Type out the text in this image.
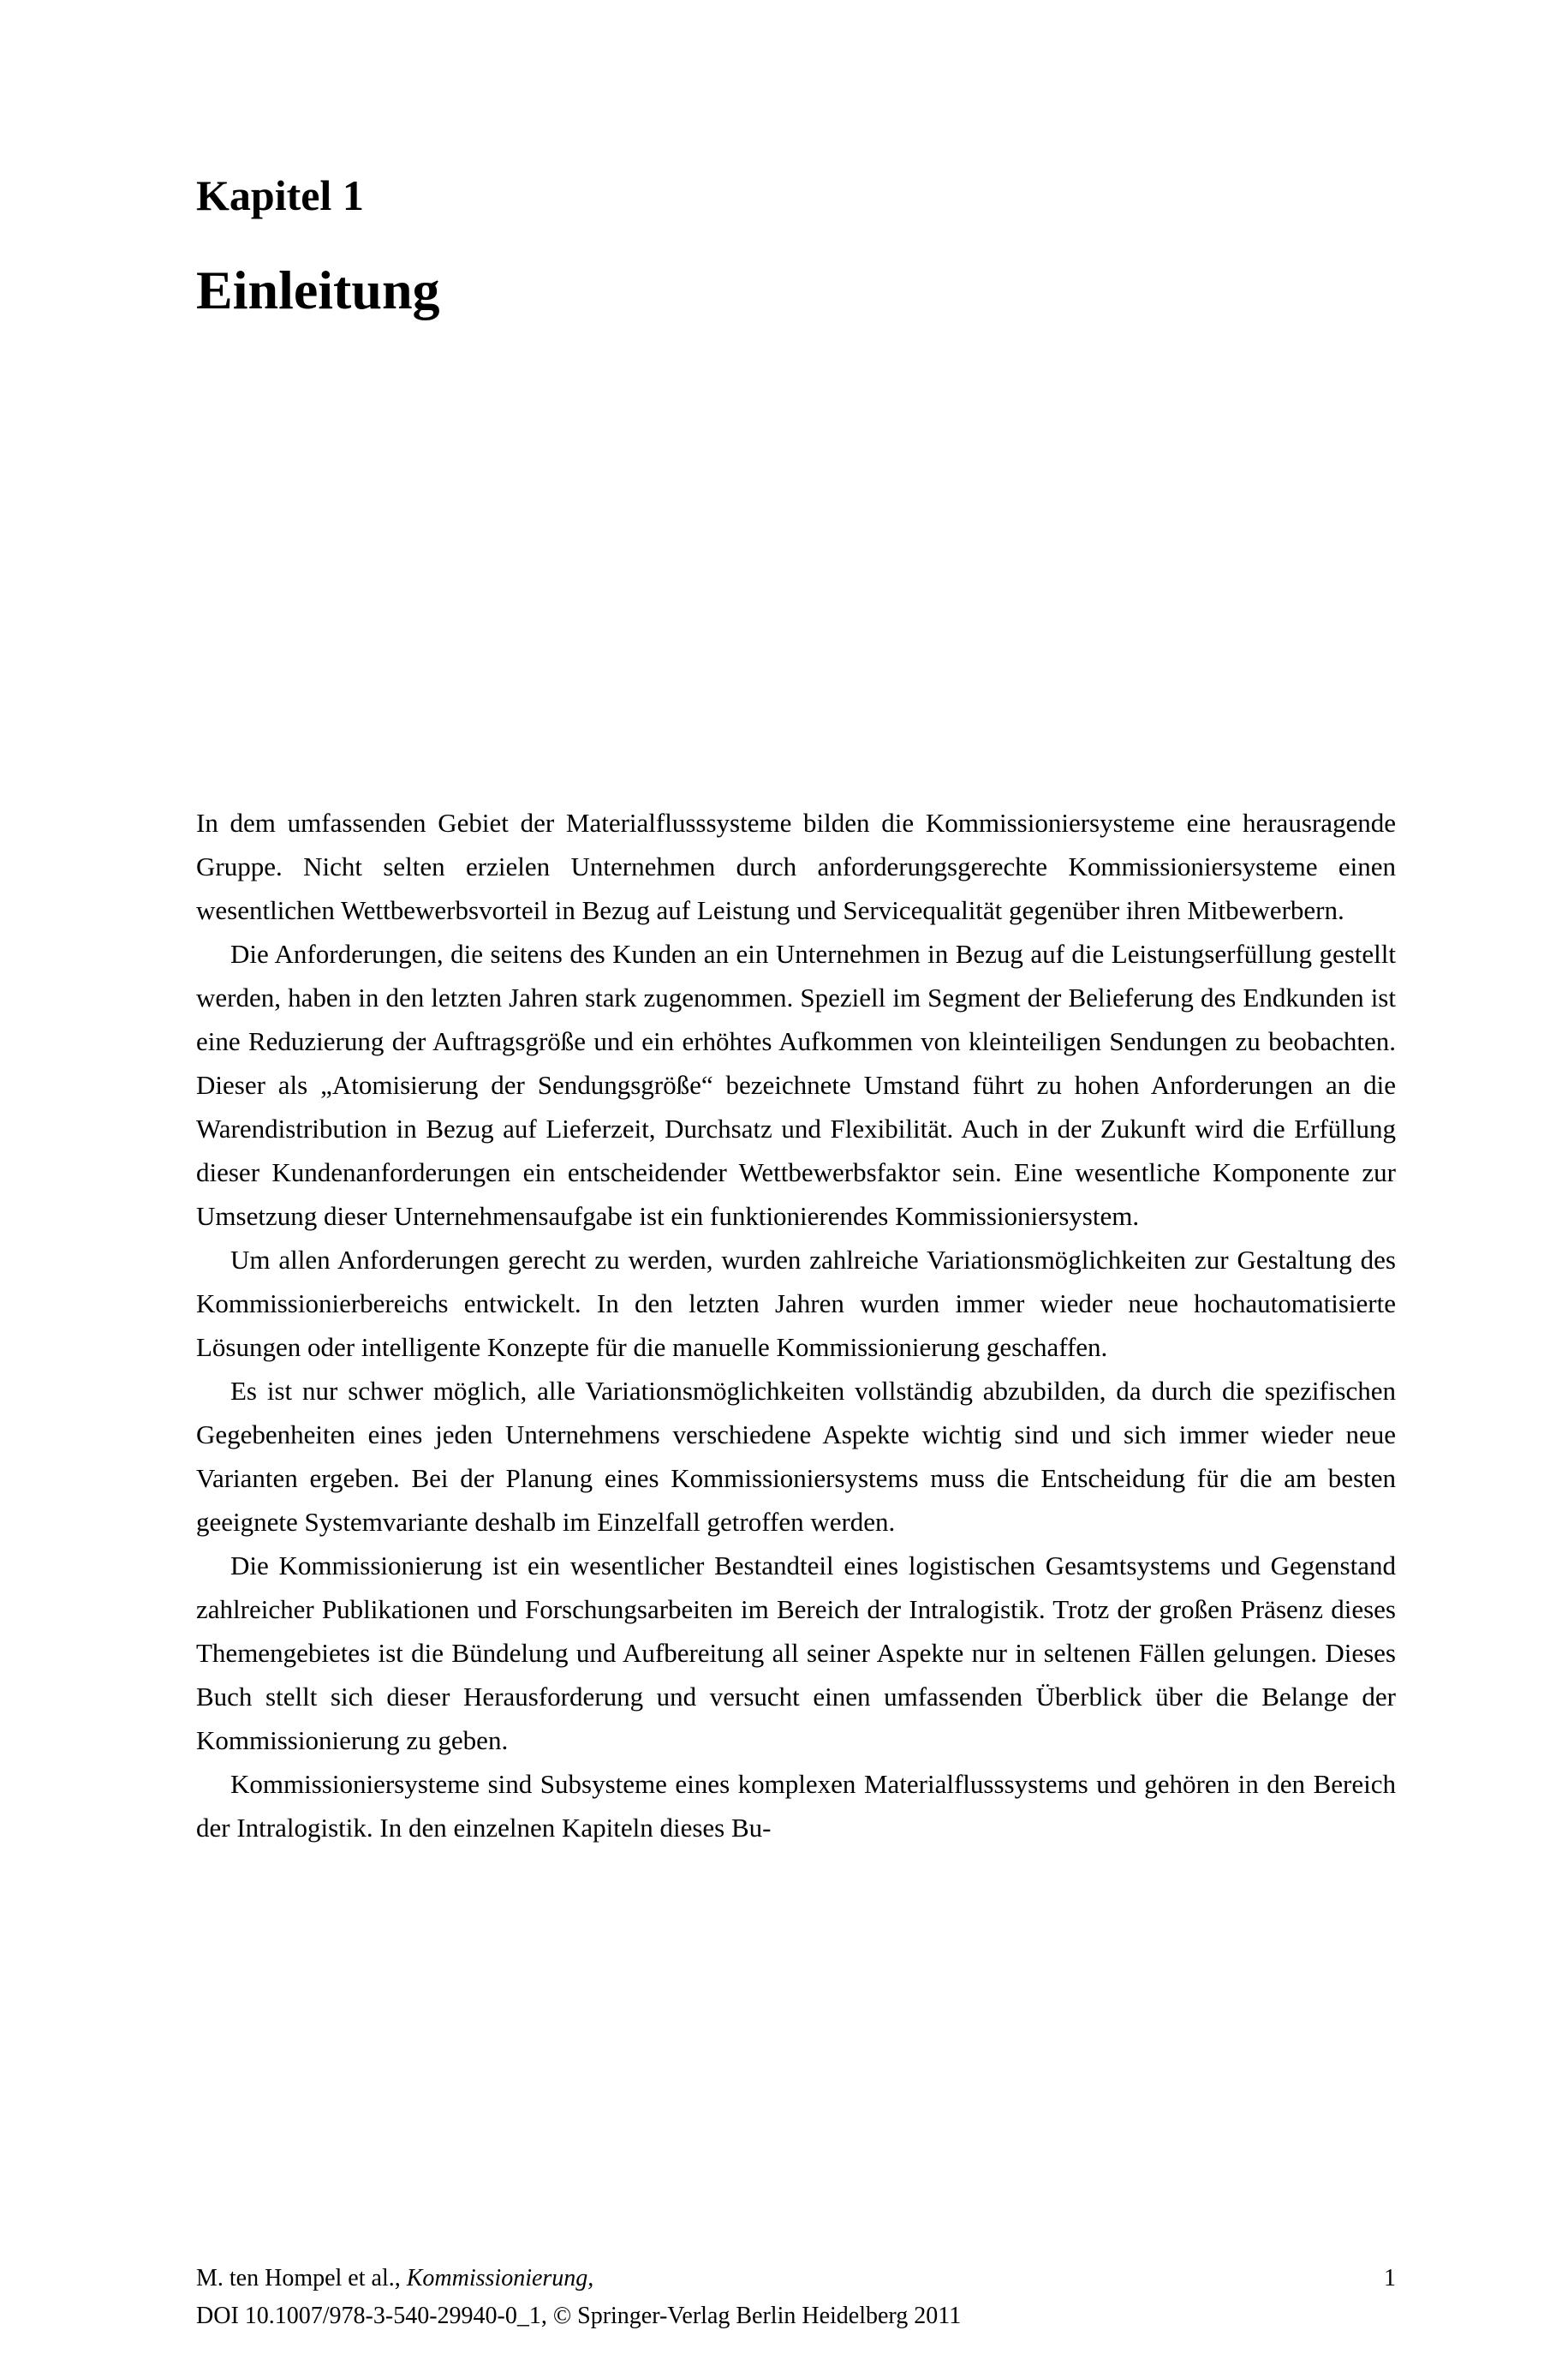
Kapitel 1
Einleitung

In dem umfassenden Gebiet der Materialflusssysteme bilden die Kommissioniersysteme eine herausragende Gruppe. Nicht selten erzielen Unternehmen durch anforderungsgerechte Kommissioniersysteme einen wesentlichen Wettbewerbsvorteil in Bezug auf Leistung und Servicequalität gegenüber ihren Mitbewerbern.

Die Anforderungen, die seitens des Kunden an ein Unternehmen in Bezug auf die Leistungserfüllung gestellt werden, haben in den letzten Jahren stark zugenommen. Speziell im Segment der Belieferung des Endkunden ist eine Reduzierung der Auftragsgröße und ein erhöhtes Aufkommen von kleinteiligen Sendungen zu beobachten. Dieser als „Atomisierung der Sendungsgröße“ bezeichnete Umstand führt zu hohen Anforderungen an die Warendistribution in Bezug auf Lieferzeit, Durchsatz und Flexibilität. Auch in der Zukunft wird die Erfüllung dieser Kundenanforderungen ein entscheidender Wettbewerbsfaktor sein. Eine wesentliche Komponente zur Umsetzung dieser Unternehmensaufgabe ist ein funktionierendes Kommissioniersystem.

Um allen Anforderungen gerecht zu werden, wurden zahlreiche Variationsmöglichkeiten zur Gestaltung des Kommissionierbereichs entwickelt. In den letzten Jahren wurden immer wieder neue hochautomatisierte Lösungen oder intelligente Konzepte für die manuelle Kommissionierung geschaffen.

Es ist nur schwer möglich, alle Variationsmöglichkeiten vollständig abzubilden, da durch die spezifischen Gegebenheiten eines jeden Unternehmens verschiedene Aspekte wichtig sind und sich immer wieder neue Varianten ergeben. Bei der Planung eines Kommissioniersystems muss die Entscheidung für die am besten geeignete Systemvariante deshalb im Einzelfall getroffen werden.

Die Kommissionierung ist ein wesentlicher Bestandteil eines logistischen Gesamtsystems und Gegenstand zahlreicher Publikationen und Forschungsarbeiten im Bereich der Intralogistik. Trotz der großen Präsenz dieses Themengebietes ist die Bündelung und Aufbereitung all seiner Aspekte nur in seltenen Fällen gelungen. Dieses Buch stellt sich dieser Herausforderung und versucht einen umfassenden Überblick über die Belange der Kommissionierung zu geben.

Kommissioniersysteme sind Subsysteme eines komplexen Materialflusssystems und gehören in den Bereich der Intralogistik. In den einzelnen Kapiteln dieses Bu-

M. ten Hompel et al., Kommissionierung,	1
DOI 10.1007/978-3-540-29940-0_1, © Springer-Verlag Berlin Heidelberg 2011
